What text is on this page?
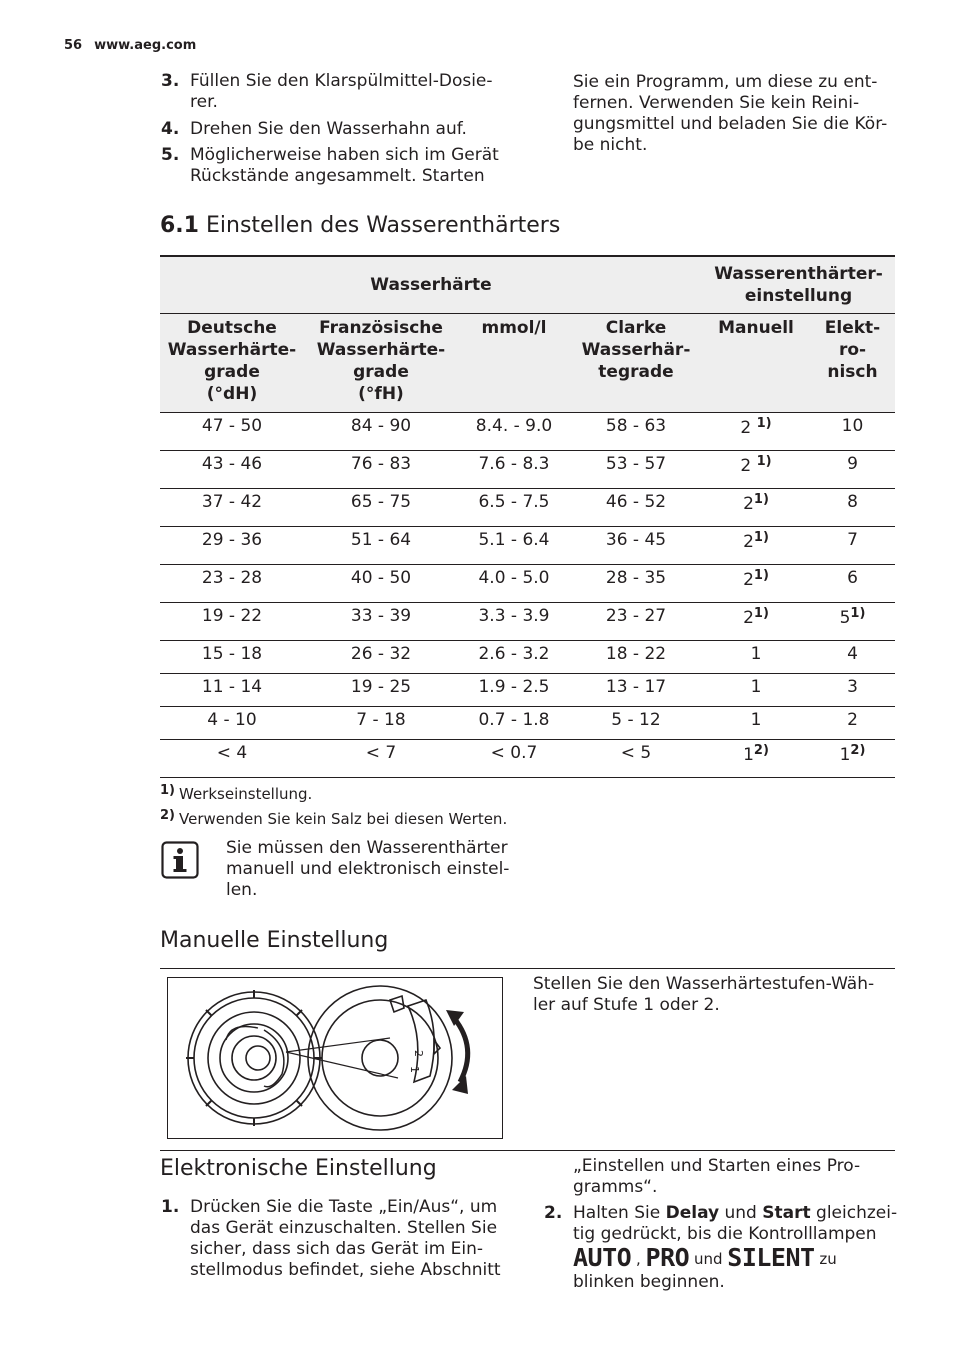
56 www.aeg.com
3. Füllen Sie den Klarspülmittel-Dosie-
rer.
4. Drehen Sie den Wasserhahn auf.
5. Möglicherweise haben sich im Gerät
Rückstände angesammelt. Starten
Sie ein Programm, um diese zu ent-
fernen. Verwenden Sie kein Reini-
gungsmittel und beladen Sie die Kör-
be nicht.
6.1 Einstellen des Wasserenthärters
Wasserhärte				Wasserenthärter-
einstellung	
Deutsche
Wasserhärte-
grade
(°dH)	Französische
Wasserhärte-
grade
(°fH)	mmol/l	Clarke
Wasserhär-
tegrade	Manuell	Elekt-
ro-
nisch
47 - 50	84 - 90	8.4. - 9.0	58 - 63	2 $^{1)}$	10
43 - 46	76 - 83	7.6 - 8.3	53 - 57	2 $^{1)}$	9
37 - 42	65 - 75	6.5 - 7.5	46 - 52	2$^{1)}$	8
29 - 36	51 - 64	5.1 - 6.4	36 - 45	2$^{1)}$	7
23 - 28	40 - 50	4.0 - 5.0	28 - 35	2$^{1)}$	6
19 - 22	33 - 39	3.3 - 3.9	23 - 27	2$^{1)}$	5$^{1)}$
15 - 18	26 - 32	2.6 - 3.2	18 - 22	1	4
11 - 14	19 - 25	1.9 - 2.5	13 - 17	1	3
4 - 10	7 - 18	0.7 - 1.8	5 - 12	1	2
< 4	< 7	< 0.7	< 5	1$^{2)}$	1$^{2)}$
1) Werkseinstellung.
2) Verwenden Sie kein Salz bei diesen Werten.
Sie müssen den Wasserenthärter
manuell und elektronisch einstel-
len.
Manuelle Einstellung
2
1
Stellen Sie den Wasserhärtestufen-Wäh-
ler auf Stufe 1 oder 2.
Elektronische Einstellung
1. Drücken Sie die Taste „Ein/Aus“, um
das Gerät einzuschalten. Stellen Sie
sicher, dass sich das Gerät im Ein-
stellmodus befindet, siehe Abschnitt
„Einstellen und Starten eines Pro-
gramms“.
2. Halten Sie Delay und Start gleichzei-
tig gedrückt, bis die Kontrolllampen
AUTO , PRO und SILENT zu
blinken beginnen.
